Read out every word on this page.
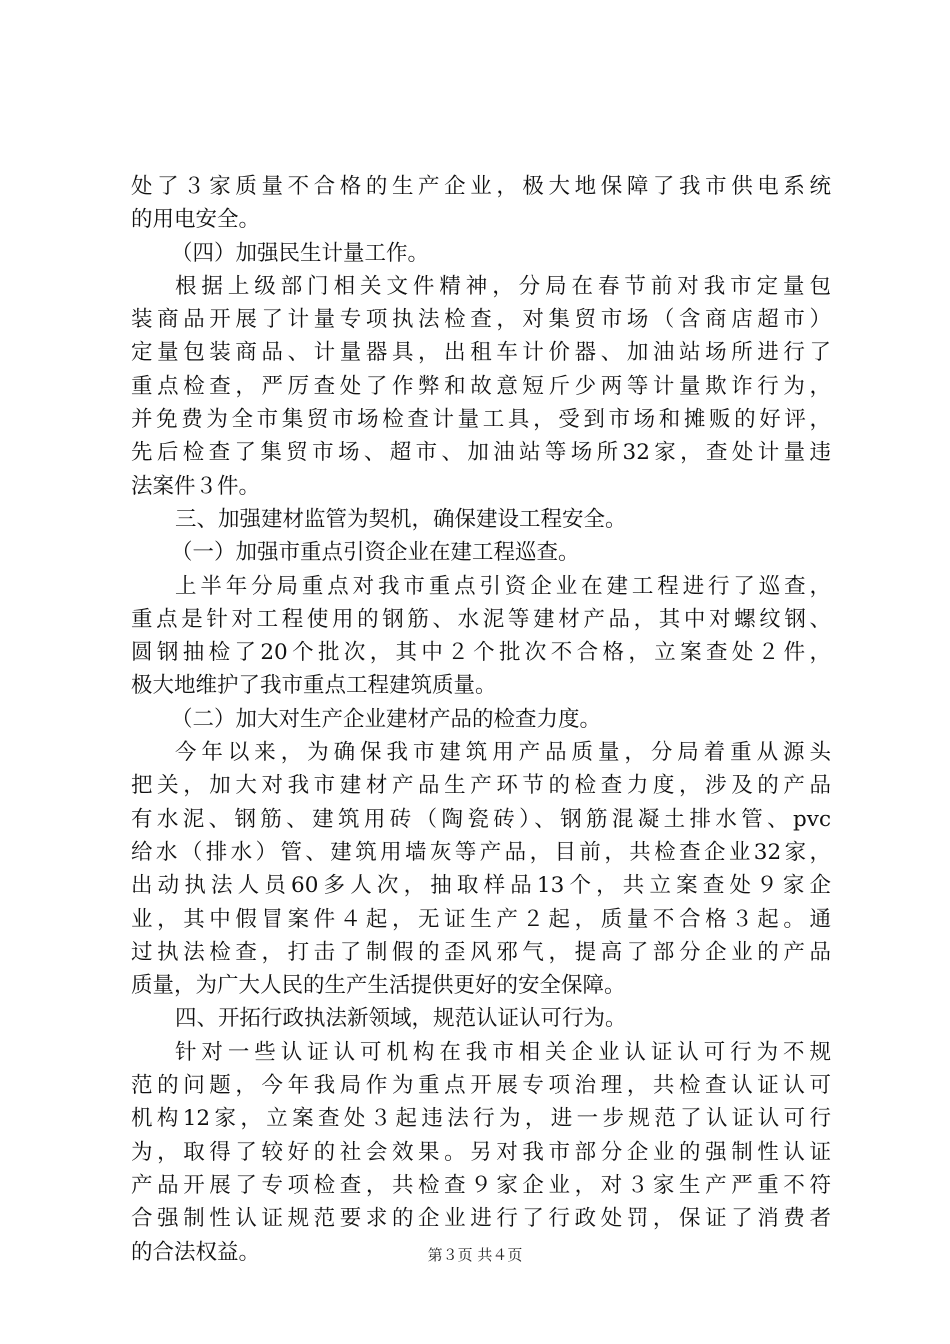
处了３家质量不合格的生产企业，极大地保障了我市供电系统
的用电安全。
（四）加强民生计量工作。
根据上级部门相关文件精神，分局在春节前对我市定量包
装商品开展了计量专项执法检查，对集贸市场（含商店超市）
定量包装商品、计量器具，出租车计价器、加油站场所进行了
重点检查，严厉查处了作弊和故意短斤少两等计量欺诈行为，
并免费为全市集贸市场检查计量工具，受到市场和摊贩的好评，
先后检查了集贸市场、超市、加油站等场所32家，查处计量违
法案件３件。
三、加强建材监管为契机，确保建设工程安全。
（一）加强市重点引资企业在建工程巡查。
上半年分局重点对我市重点引资企业在建工程进行了巡查，
重点是针对工程使用的钢筋、水泥等建材产品，其中对螺纹钢、
圆钢抽检了20个批次，其中２个批次不合格，立案查处２件，
极大地维护了我市重点工程建筑质量。
（二）加大对生产企业建材产品的检查力度。
今年以来，为确保我市建筑用产品质量，分局着重从源头
把关，加大对我市建材产品生产环节的检查力度，涉及的产品
有水泥、钢筋、建筑用砖（陶瓷砖）、钢筋混凝土排水管、pvc
给水（排水）管、建筑用墙灰等产品，目前，共检查企业32家，
出动执法人员60多人次，抽取样品13个，共立案查处９家企
业，其中假冒案件４起，无证生产２起，质量不合格３起。通
过执法检查，打击了制假的歪风邪气，提高了部分企业的产品
质量，为广大人民的生产生活提供更好的安全保障。
四、开拓行政执法新领域，规范认证认可行为。
针对一些认证认可机构在我市相关企业认证认可行为不规
范的问题，今年我局作为重点开展专项治理，共检查认证认可
机构12家，立案查处３起违法行为，进一步规范了认证认可行
为，取得了较好的社会效果。另对我市部分企业的强制性认证
产品开展了专项检查，共检查９家企业，对３家生产严重不符
合强制性认证规范要求的企业进行了行政处罚，保证了消费者
的合法权益。	第３页 共４页
